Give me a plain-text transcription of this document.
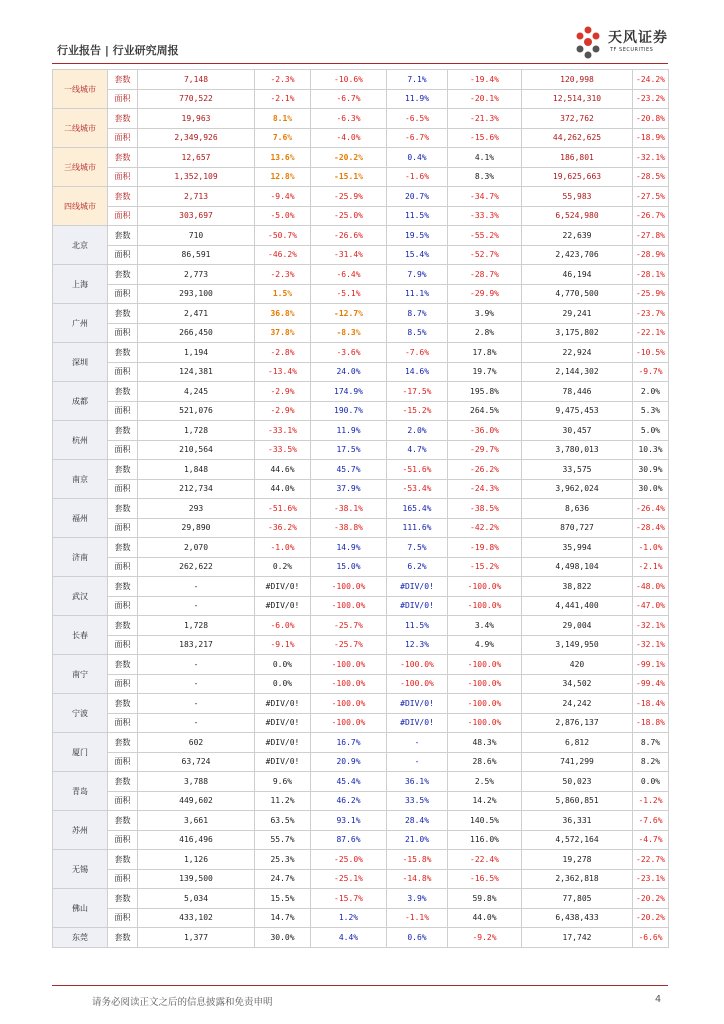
行业报告 | 行业研究周报
天风证券
TF SECURITIES
一线城市	套数	7,148	-2.3%	-10.6%	7.1%	-19.4%	120,998	-24.2%
	面积	770,522	-2.1%	-6.7%	11.9%	-20.1%	12,514,310	-23.2%
二线城市	套数	19,963	8.1%	-6.3%	-6.5%	-21.3%	372,762	-20.8%
	面积	2,349,926	7.6%	-4.0%	-6.7%	-15.6%	44,262,625	-18.9%
三线城市	套数	12,657	13.6%	-20.2%	0.4%	4.1%	186,801	-32.1%
	面积	1,352,109	12.8%	-15.1%	-1.6%	8.3%	19,625,663	-28.5%
四线城市	套数	2,713	-9.4%	-25.9%	20.7%	-34.7%	55,983	-27.5%
	面积	303,697	-5.0%	-25.0%	11.5%	-33.3%	6,524,980	-26.7%
北京	套数	710	-50.7%	-26.6%	19.5%	-55.2%	22,639	-27.8%
	面积	86,591	-46.2%	-31.4%	15.4%	-52.7%	2,423,706	-28.9%
上海	套数	2,773	-2.3%	-6.4%	7.9%	-28.7%	46,194	-28.1%
	面积	293,100	1.5%	-5.1%	11.1%	-29.9%	4,770,500	-25.9%
广州	套数	2,471	36.8%	-12.7%	8.7%	3.9%	29,241	-23.7%
	面积	266,450	37.8%	-8.3%	8.5%	2.8%	3,175,802	-22.1%
深圳	套数	1,194	-2.8%	-3.6%	-7.6%	17.8%	22,924	-10.5%
	面积	124,381	-13.4%	24.0%	14.6%	19.7%	2,144,302	-9.7%
成都	套数	4,245	-2.9%	174.9%	-17.5%	195.8%	78,446	2.0%
	面积	521,076	-2.9%	190.7%	-15.2%	264.5%	9,475,453	5.3%
杭州	套数	1,728	-33.1%	11.9%	2.0%	-36.0%	30,457	5.0%
	面积	210,564	-33.5%	17.5%	4.7%	-29.7%	3,780,013	10.3%
南京	套数	1,848	44.6%	45.7%	-51.6%	-26.2%	33,575	30.9%
	面积	212,734	44.0%	37.9%	-53.4%	-24.3%	3,962,024	30.0%
福州	套数	293	-51.6%	-38.1%	165.4%	-38.5%	8,636	-26.4%
	面积	29,890	-36.2%	-38.8%	111.6%	-42.2%	870,727	-28.4%
济南	套数	2,070	-1.0%	14.9%	7.5%	-19.8%	35,994	-1.0%
	面积	262,622	0.2%	15.0%	6.2%	-15.2%	4,498,104	-2.1%
武汉	套数	-	#DIV/0!	-100.0%	#DIV/0!	-100.0%	38,822	-48.0%
	面积	-	#DIV/0!	-100.0%	#DIV/0!	-100.0%	4,441,400	-47.0%
长春	套数	1,728	-6.0%	-25.7%	11.5%	3.4%	29,004	-32.1%
	面积	183,217	-9.1%	-25.7%	12.3%	4.9%	3,149,950	-32.1%
南宁	套数	-	0.0%	-100.0%	-100.0%	-100.0%	420	-99.1%
	面积	-	0.0%	-100.0%	-100.0%	-100.0%	34,502	-99.4%
宁波	套数	-	#DIV/0!	-100.0%	#DIV/0!	-100.0%	24,242	-18.4%
	面积	-	#DIV/0!	-100.0%	#DIV/0!	-100.0%	2,876,137	-18.8%
厦门	套数	602	#DIV/0!	16.7%	-	48.3%	6,812	8.7%
	面积	63,724	#DIV/0!	20.9%	-	28.6%	741,299	8.2%
青岛	套数	3,788	9.6%	45.4%	36.1%	2.5%	50,023	0.0%
	面积	449,602	11.2%	46.2%	33.5%	14.2%	5,860,851	-1.2%
苏州	套数	3,661	63.5%	93.1%	28.4%	140.5%	36,331	-7.6%
	面积	416,496	55.7%	87.6%	21.0%	116.0%	4,572,164	-4.7%
无锡	套数	1,126	25.3%	-25.0%	-15.8%	-22.4%	19,278	-22.7%
	面积	139,500	24.7%	-25.1%	-14.8%	-16.5%	2,362,818	-23.1%
佛山	套数	5,034	15.5%	-15.7%	3.9%	59.8%	77,805	-20.2%
	面积	433,102	14.7%	1.2%	-1.1%	44.0%	6,438,433	-20.2%
东莞	套数	1,377	30.0%	4.4%	0.6%	-9.2%	17,742	-6.6%
请务必阅读正文之后的信息披露和免责申明	4
